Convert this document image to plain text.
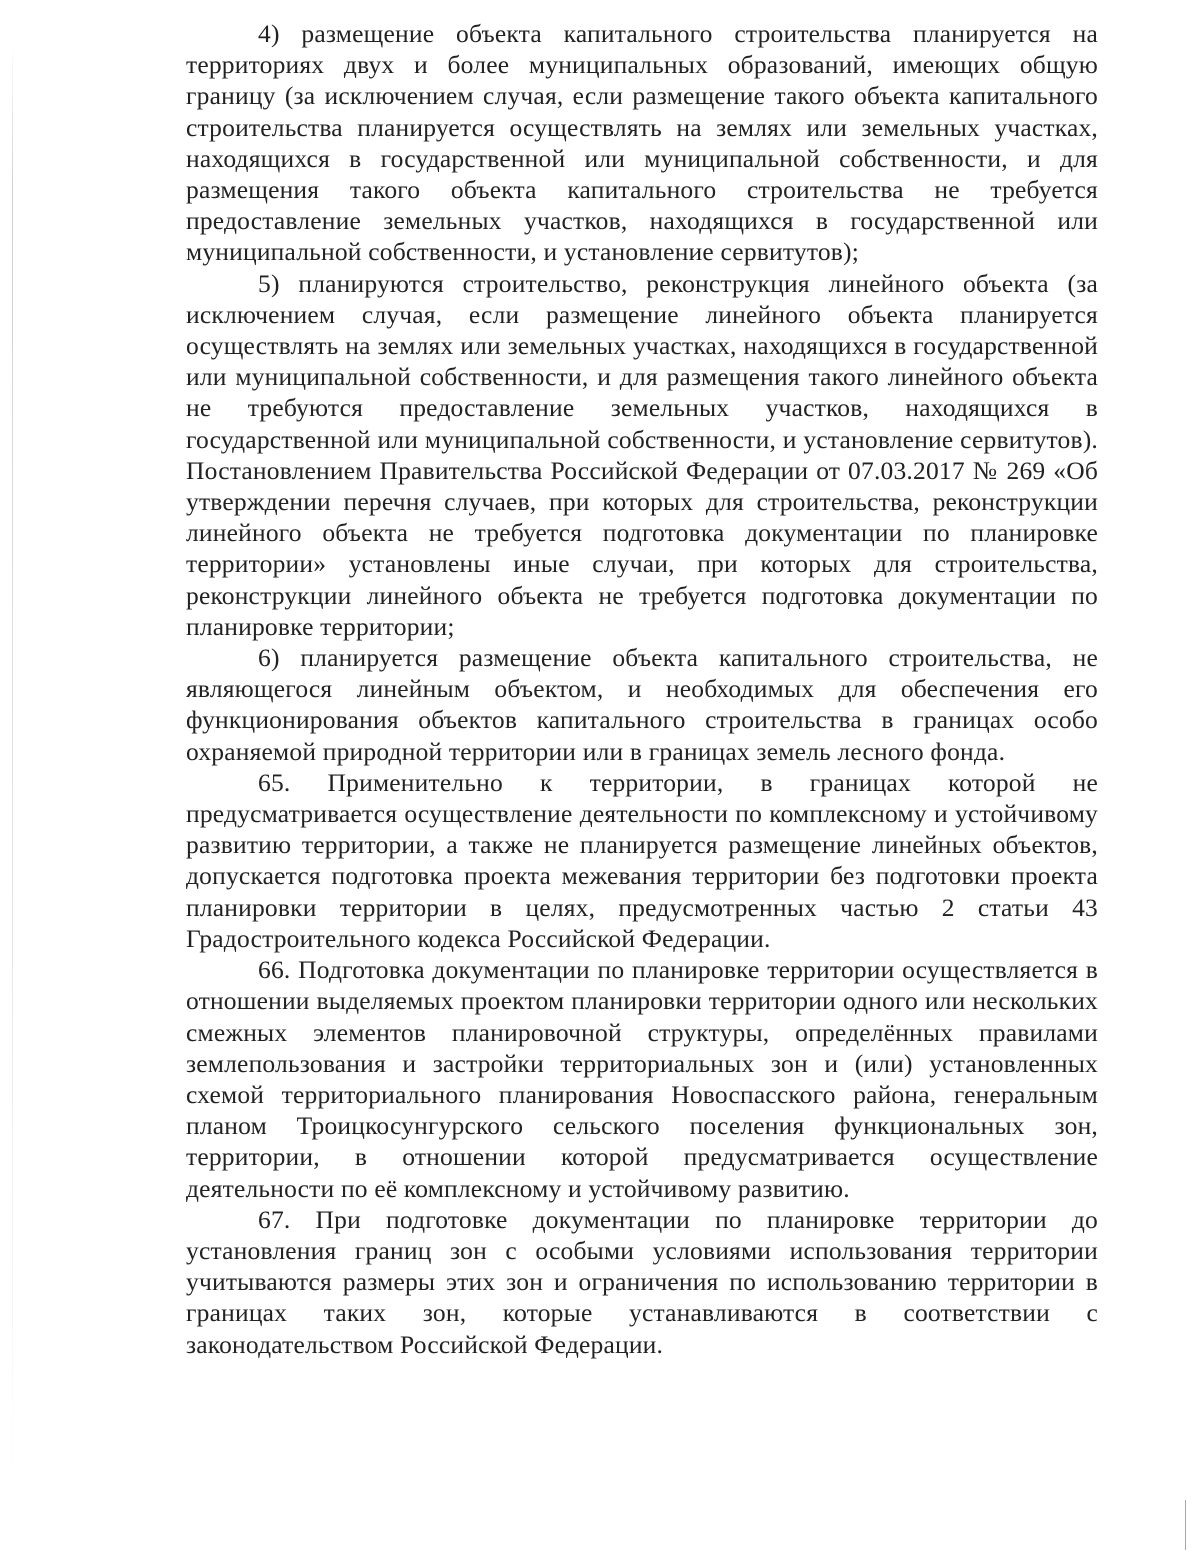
4) размещение объекта капитального строительства планируется на территориях двух и более муниципальных образований, имеющих общую границу (за исключением случая, если размещение такого объекта капитального строительства планируется осуществлять на землях или земельных участках, находящихся в государственной или муниципальной собственности, и для размещения такого объекта капитального строительства не требуется предоставление земельных участков, находящихся в государственной или муниципальной собственности, и установление сервитутов);

5) планируются строительство, реконструкция линейного объекта (за исключением случая, если размещение линейного объекта планируется осуществлять на землях или земельных участках, находящихся в государственной или муниципальной собственности, и для размещения такого линейного объекта не требуются предоставление земельных участков, находящихся в государственной или муниципальной собственности, и установление сервитутов). Постановлением Правительства Российской Федерации от 07.03.2017 № 269 «Об утверждении перечня случаев, при которых для строительства, реконструкции линейного объекта не требуется подготовка документации по планировке территории» установлены иные случаи, при которых для строительства, реконструкции линейного объекта не требуется подготовка документации по планировке территории;

6) планируется размещение объекта капитального строительства, не являющегося линейным объектом, и необходимых для обеспечения его функционирования объектов капитального строительства в границах особо охраняемой природной территории или в границах земель лесного фонда.

65. Применительно к территории, в границах которой не предусматривается осуществление деятельности по комплексному и устойчивому развитию территории, а также не планируется размещение линейных объектов, допускается подготовка проекта межевания территории без подготовки проекта планировки территории в целях, предусмотренных частью 2 статьи 43 Градостроительного кодекса Российской Федерации.

66. Подготовка документации по планировке территории осуществляется в отношении выделяемых проектом планировки территории одного или нескольких смежных элементов планировочной структуры, определённых правилами землепользования и застройки территориальных зон и (или) установленных схемой территориального планирования Новоспасского района, генеральным планом Троицкосунгурского сельского поселения функциональных зон, территории, в отношении которой предусматривается осуществление деятельности по её комплексному и устойчивому развитию.

67. При подготовке документации по планировке территории до установления границ зон с особыми условиями использования территории учитываются размеры этих зон и ограничения по использованию территории в границах таких зон, которые устанавливаются в соответствии с законодательством Российской Федерации.
